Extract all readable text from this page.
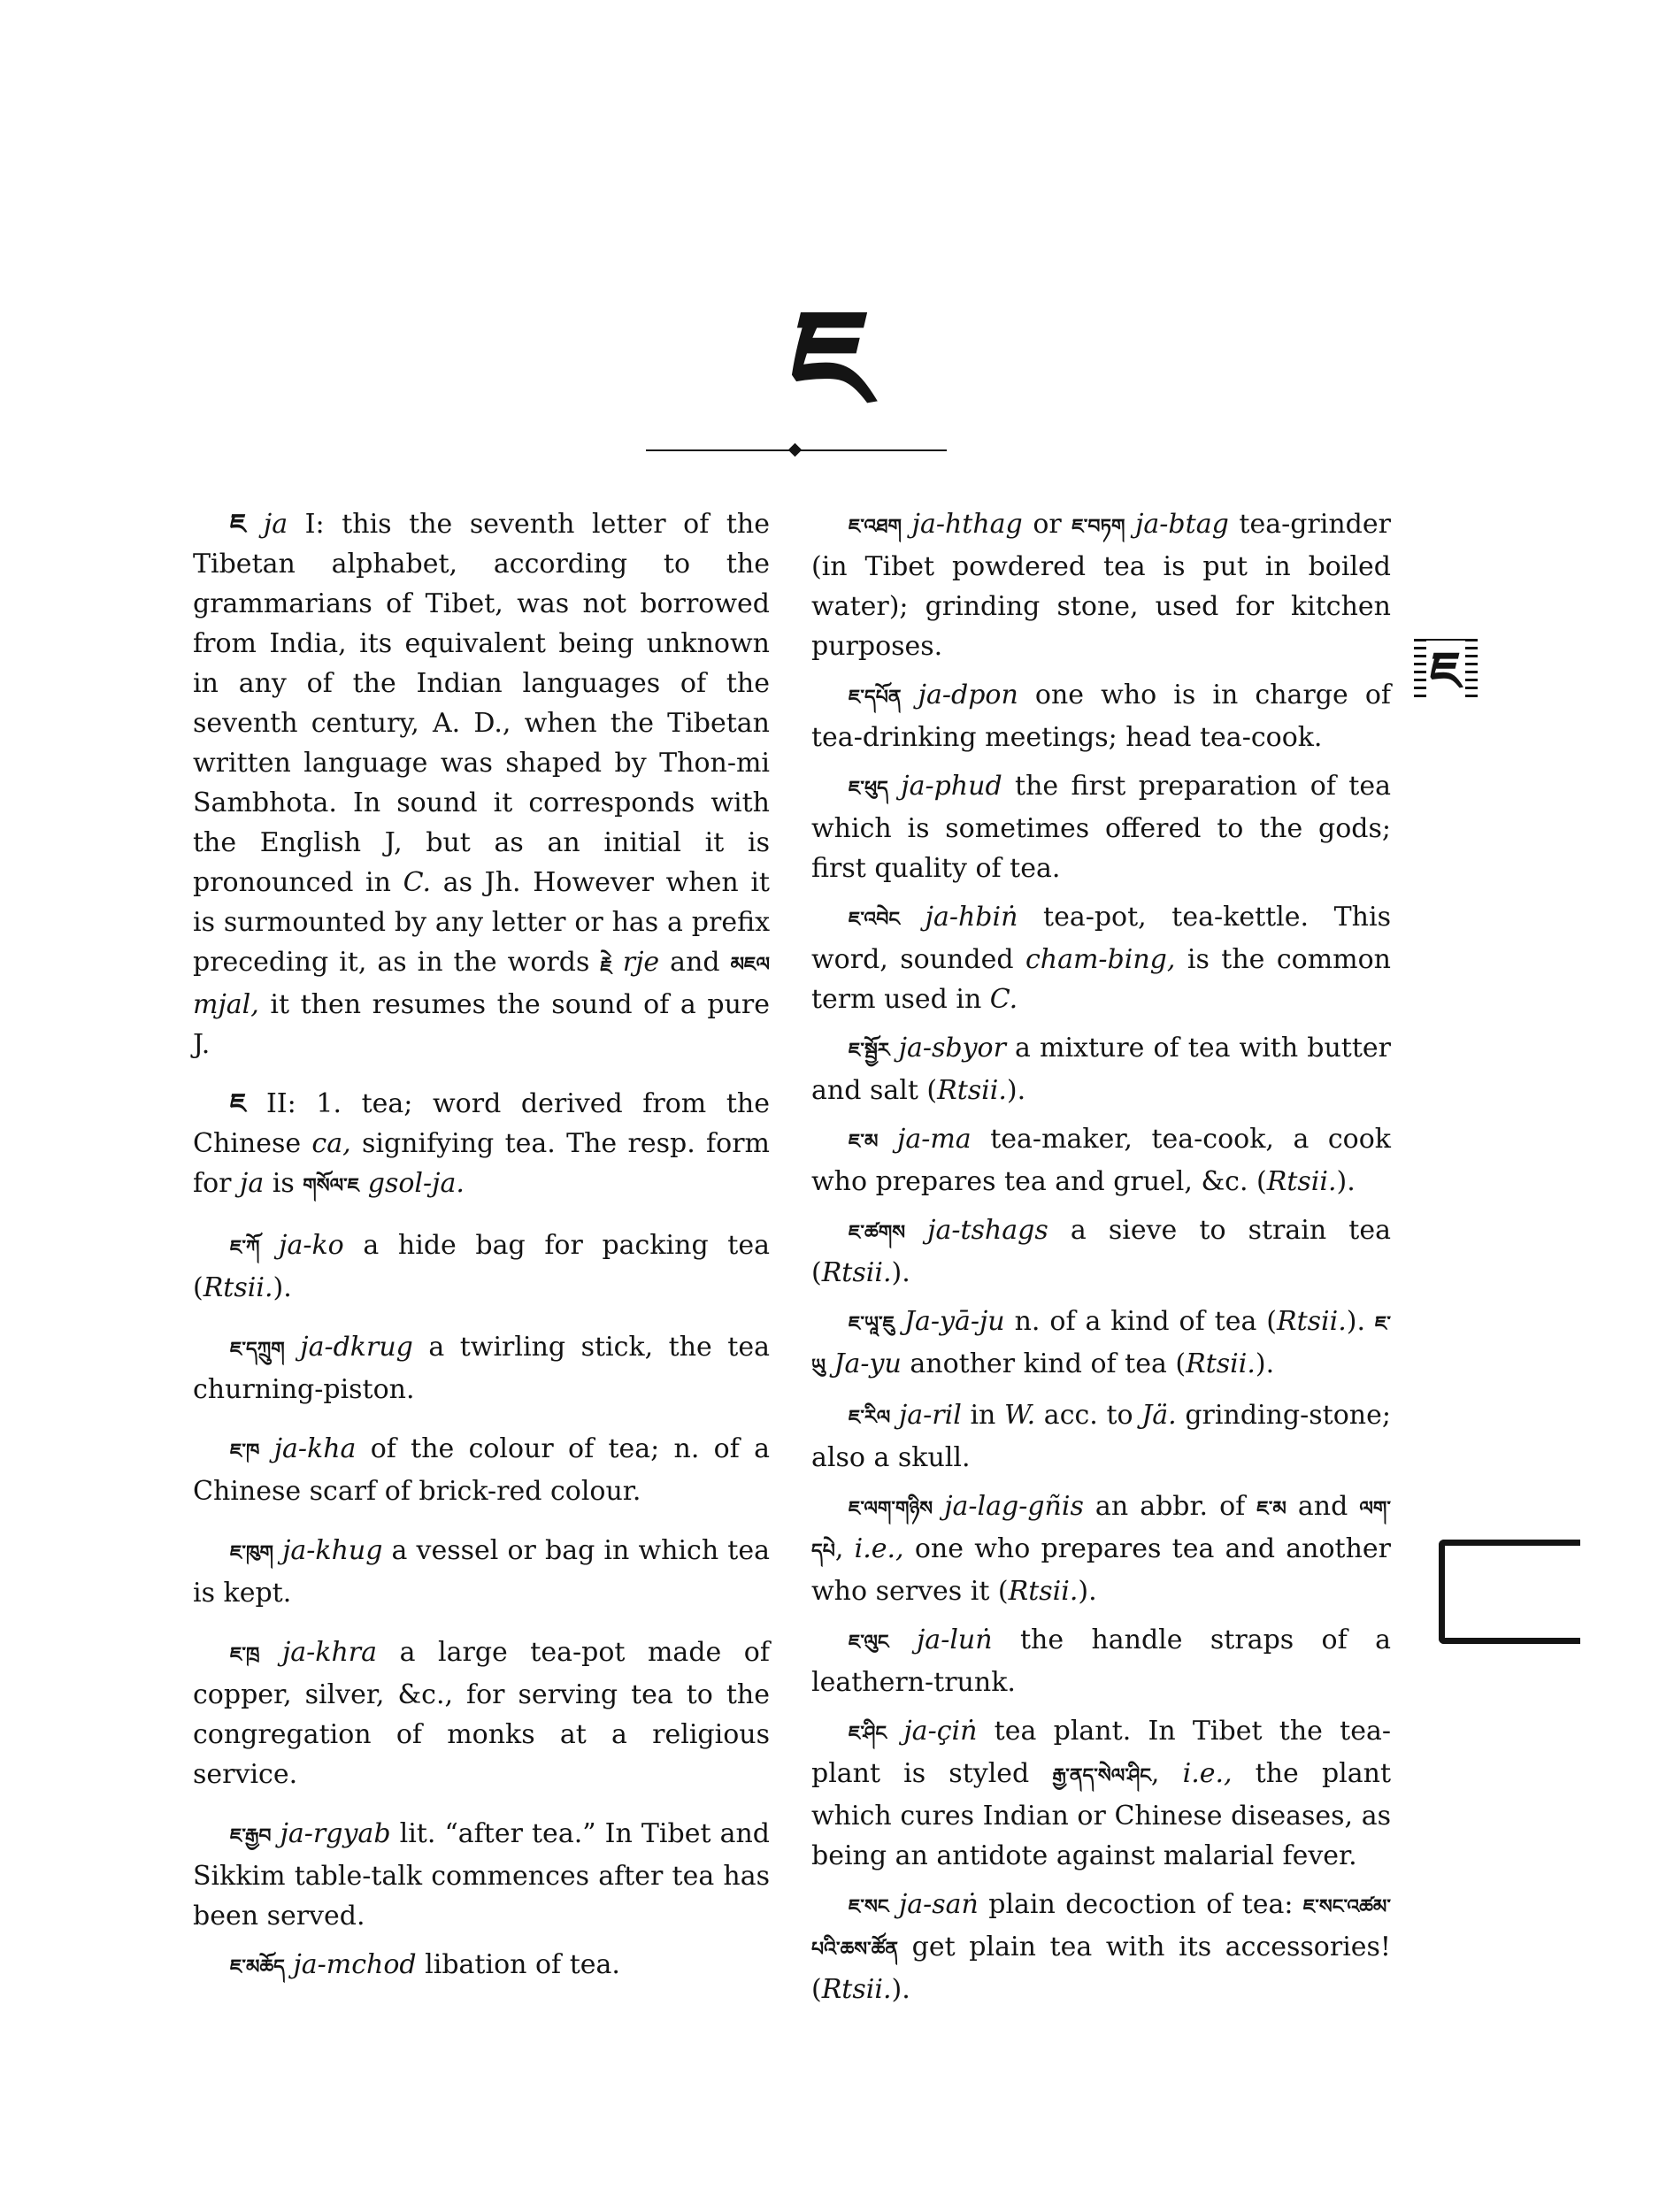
ཇ

ཇ ja I: this the seventh letter of the Tibetan alphabet, according to the grammarians of Tibet, was not borrowed from India, its equivalent being unknown in any of the Indian languages of the seventh century, A. D., when the Tibetan written language was shaped by Thon-mi Sambhota. In sound it corresponds with the English J, but as an initial it is pronounced in C. as Jh. However when it is surmounted by any letter or has a prefix preceding it, as in the words རྗེ rje and མཇལ mjal, it then resumes the sound of a pure J.

ཇ II: 1. tea; word derived from the Chinese ca, signifying tea. The resp. form for ja is གསོལ་ཇ gsol-ja.

ཇ་ཀོ ja-ko a hide bag for packing tea (Rtsii.).

ཇ་དཀྲུག ja-dkrug a twirling stick, the tea churning-piston.

ཇ་ཁ ja-kha of the colour of tea; n. of a Chinese scarf of brick-red colour.

ཇ་ཁུག ja-khug a vessel or bag in which tea is kept.

ཇ་ཁྲ ja-khra a large tea-pot made of copper, silver, &c., for serving tea to the congregation of monks at a religious service.

ཇ་རྒྱབ ja-rgyab lit. “after tea.” In Tibet and Sikkim table-talk commences after tea has been served.

ཇ་མཆོད ja-mchod libation of tea.

ཇ་འཐག ja-hthag or ཇ་བཏག ja-btag tea-grinder (in Tibet powdered tea is put in boiled water); grinding stone, used for kitchen purposes.

ཇ་དཔོན ja-dpon one who is in charge of tea-drinking meetings; head tea-cook.

ཇ་ཕུད ja-phud the first preparation of tea which is sometimes offered to the gods; first quality of tea.

ཇ་འབེང ja-hbiṅ tea-pot, tea-kettle. This word, sounded cham-bing, is the common term used in C.

ཇ་སྦྱོར ja-sbyor a mixture of tea with butter and salt (Rtsii.).

ཇ་མ ja-ma tea-maker, tea-cook, a cook who prepares tea and gruel, &c. (Rtsii.).

ཇ་ཚགས ja-tshags a sieve to strain tea (Rtsii.).

ཇ་ཡཱ་ཇུ Ja-yā-ju n. of a kind of tea (Rtsii.). ཇ་ཡུ Ja-yu another kind of tea (Rtsii.).

ཇ་རིལ ja-ril in W. acc. to Jä. grinding-stone; also a skull.

ཇ་ལག་གཉིས ja-lag-gñis an abbr. of ཇ་མ and ལག་དཔེ, i.e., one who prepares tea and another who serves it (Rtsii.).

ཇ་ལུང ja-luṅ the handle straps of a leathern-trunk.

ཇ་ཤིང ja-çiṅ tea plant. In Tibet the tea-plant is styled རྒྱ་ནད་སེལ་ཤིང, i.e., the plant which cures Indian or Chinese diseases, as being an antidote against malarial fever.

ཇ་སང ja-saṅ plain decoction of tea: ཇ་སང་འཚམ་པའི་ཆས་ཚོན get plain tea with its accessories! (Rtsii.).

ཇ
